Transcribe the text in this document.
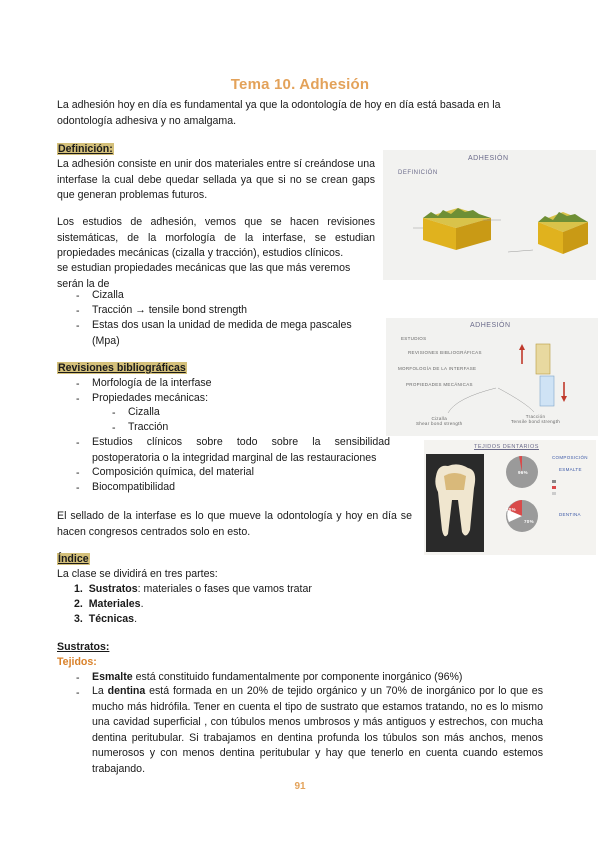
Tema 10. Adhesión
La adhesión hoy en día es fundamental ya que la odontología de hoy en día está basada en la odontología adhesiva y no amalgama.
Definición:
La adhesión consiste en unir dos materiales entre sí creándose una interfase la cual debe quedar sellada ya que si no se crean gaps que generan problemas futuros.
Los estudios de adhesión, vemos que se hacen revisiones sistemáticas, de la morfología de la interfase, se estudian propiedades mecánicas (cizalla y tracción), estudios clínicos.
se estudian propiedades mecánicas que las que más veremos serán la de
- Cizalla
- Tracción → tensile bond strength
- Estas dos usan la unidad de medida de mega pascales (Mpa)
Revisiones bibliográficas
- Morfología de la interfase
- Propiedades mecánicas:
- Cizalla
- Tracción
- Estudios clínicos sobre todo sobre la sensibilidad postoperatoria o la integridad marginal de las restauraciones
- Composición química, del material
- Biocompatibilidad
El sellado de la interfase es lo que mueve la odontología y hoy en día se hacen congresos centrados solo en esto.
Índice
La clase se dividirá en tres partes:
1. Sustratos: materiales o fases que vamos tratar
2. Materiales.
3. Técnicas.
Sustratos:
Tejidos:
- Esmalte está constituido fundamentalmente por componente inorgánico (96%)
- La dentina está formada en un 20% de tejido orgánico y un 70% de inorgánico por lo que es mucho más hidrófila. Tener en cuenta el tipo de sustrato que estamos tratando, no es lo mismo una cavidad superficial , con túbulos menos umbrosos y más antiguos y estrechos, con mucha dentina peritubular. Si trabajamos en dentina profunda los túbulos son más anchos, menos numerosos y con menos dentina peritubular y hay que tenerlo en cuenta cuando estemos trabajando.
91
ADHESIÓN
DEFINICIÓN
ADHESIÓN
ESTUDIOS
REVISIONES BIBLIOGRÁFICAS
MORFOLOGÍA DE LA INTERFASE
PROPIEDADES MECÁNICAS
Cizalla
Shear bond strength
Tracción
Tensile bond strength
TEJIDOS DENTARIOS
COMPOSICIÓN
ESMALTE
DENTINA
96%
20%
70%
